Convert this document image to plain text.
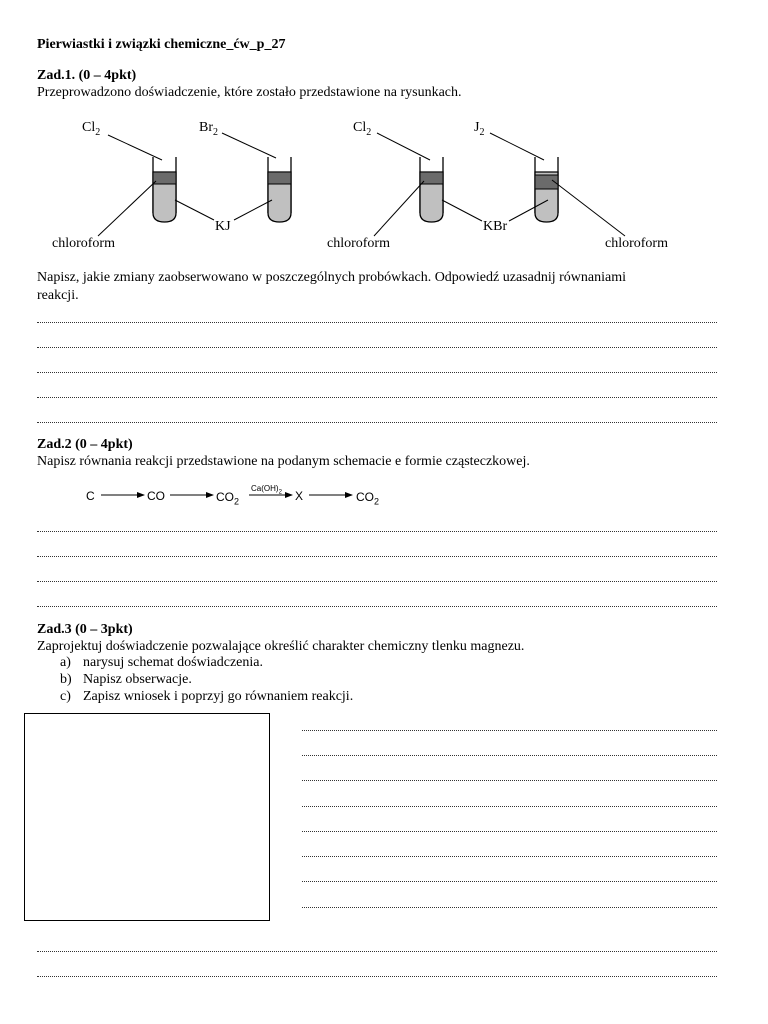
Pierwiastki i związki chemiczne_ćw_p_27
Zad.1. (0 – 4pkt)
Przeprowadzono doświadczenie, które zostało przedstawione na rysunkach.
$Cl_2$	$Br_2$	$Cl_2$	$J_2$
KJ	KBr
chloroform	chloroform	chloroform
Napisz, jakie zmiany zaobserwowano w poszczególnych probówkach. Odpowiedź uzasadnij równaniami
reakcji.
Zad.2 (0 – 4pkt)
Napisz równania reakcji przedstawione na podanym schemacie e formie cząsteczkowej.
C	CO	$CO_2$
$Ca(OH)_2$ X	$CO_2$
Zad.3 (0 – 3pkt)
Zaprojektuj doświadczenie pozwalające określić charakter chemiczny tlenku magnezu.
a) narysuj schemat doświadczenia.
b) Napisz obserwacje.
c) Zapisz wniosek i poprzyj go równaniem reakcji.
